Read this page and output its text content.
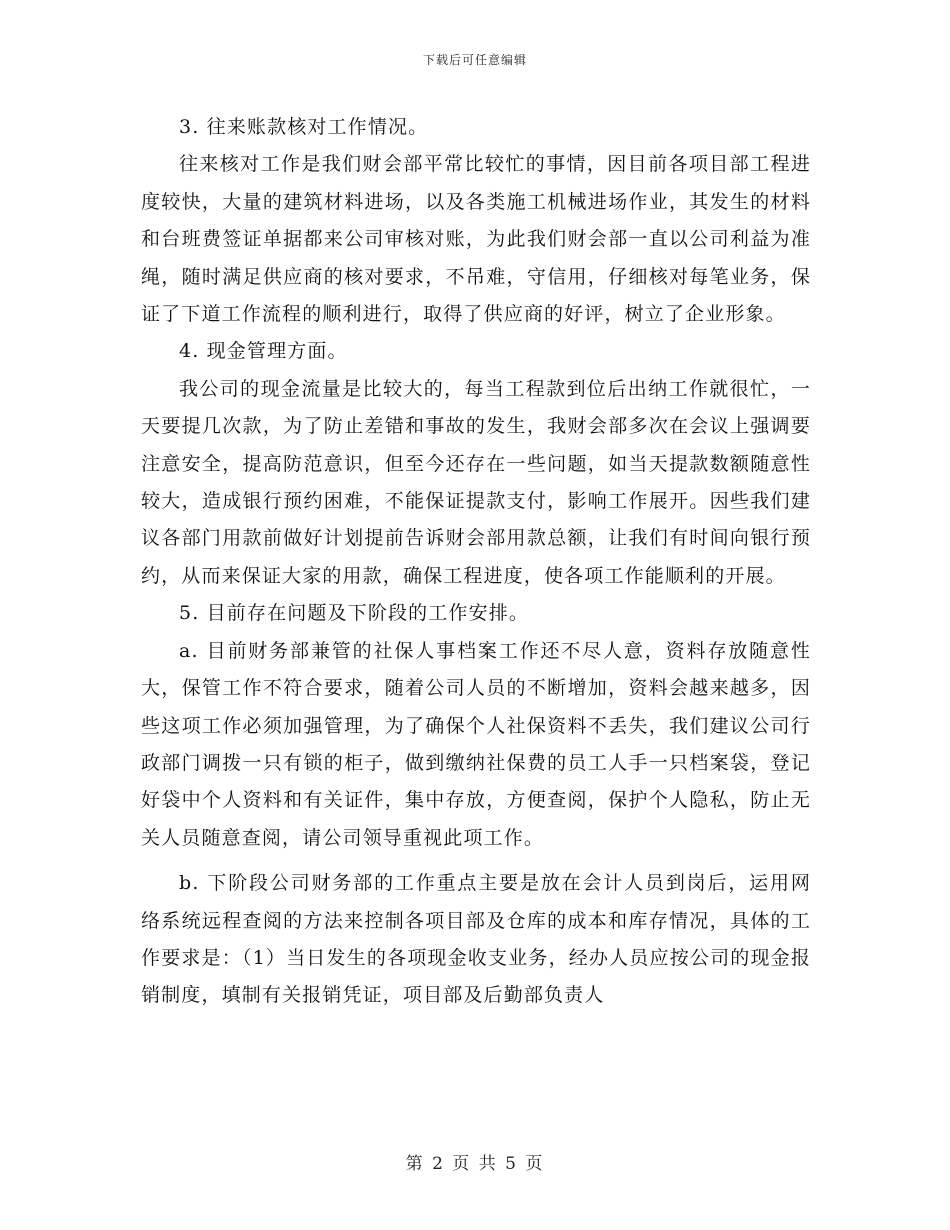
下载后可任意编辑

3. 往来账款核对工作情况。

往来核对工作是我们财会部平常比较忙的事情，因目前各项目部工程进度较快，大量的建筑材料进场，以及各类施工机械进场作业，其发生的材料和台班费签证单据都来公司审核对账，为此我们财会部一直以公司利益为准绳，随时满足供应商的核对要求，不吊难，守信用，仔细核对每笔业务，保证了下道工作流程的顺利进行，取得了供应商的好评，树立了企业形象。

4. 现金管理方面。

我公司的现金流量是比较大的，每当工程款到位后出纳工作就很忙，一天要提几次款，为了防止差错和事故的发生，我财会部多次在会议上强调要注意安全，提高防范意识，但至今还存在一些问题，如当天提款数额随意性较大，造成银行预约困难，不能保证提款支付，影响工作展开。因些我们建议各部门用款前做好计划提前告诉财会部用款总额，让我们有时间向银行预约，从而来保证大家的用款，确保工程进度，使各项工作能顺利的开展。

5. 目前存在问题及下阶段的工作安排。

a. 目前财务部兼管的社保人事档案工作还不尽人意，资料存放随意性大，保管工作不符合要求，随着公司人员的不断增加，资料会越来越多，因些这项工作必须加强管理，为了确保个人社保资料不丢失，我们建议公司行政部门调拨一只有锁的柜子，做到缴纳社保费的员工人手一只档案袋，登记好袋中个人资料和有关证件，集中存放，方便查阅，保护个人隐私，防止无关人员随意查阅，请公司领导重视此项工作。

b. 下阶段公司财务部的工作重点主要是放在会计人员到岗后，运用网络系统远程查阅的方法来控制各项目部及仓库的成本和库存情况，具体的工作要求是：（1）当日发生的各项现金收支业务，经办人员应按公司的现金报销制度，填制有关报销凭证，项目部及后勤部负责人

第 2 页 共 5 页
